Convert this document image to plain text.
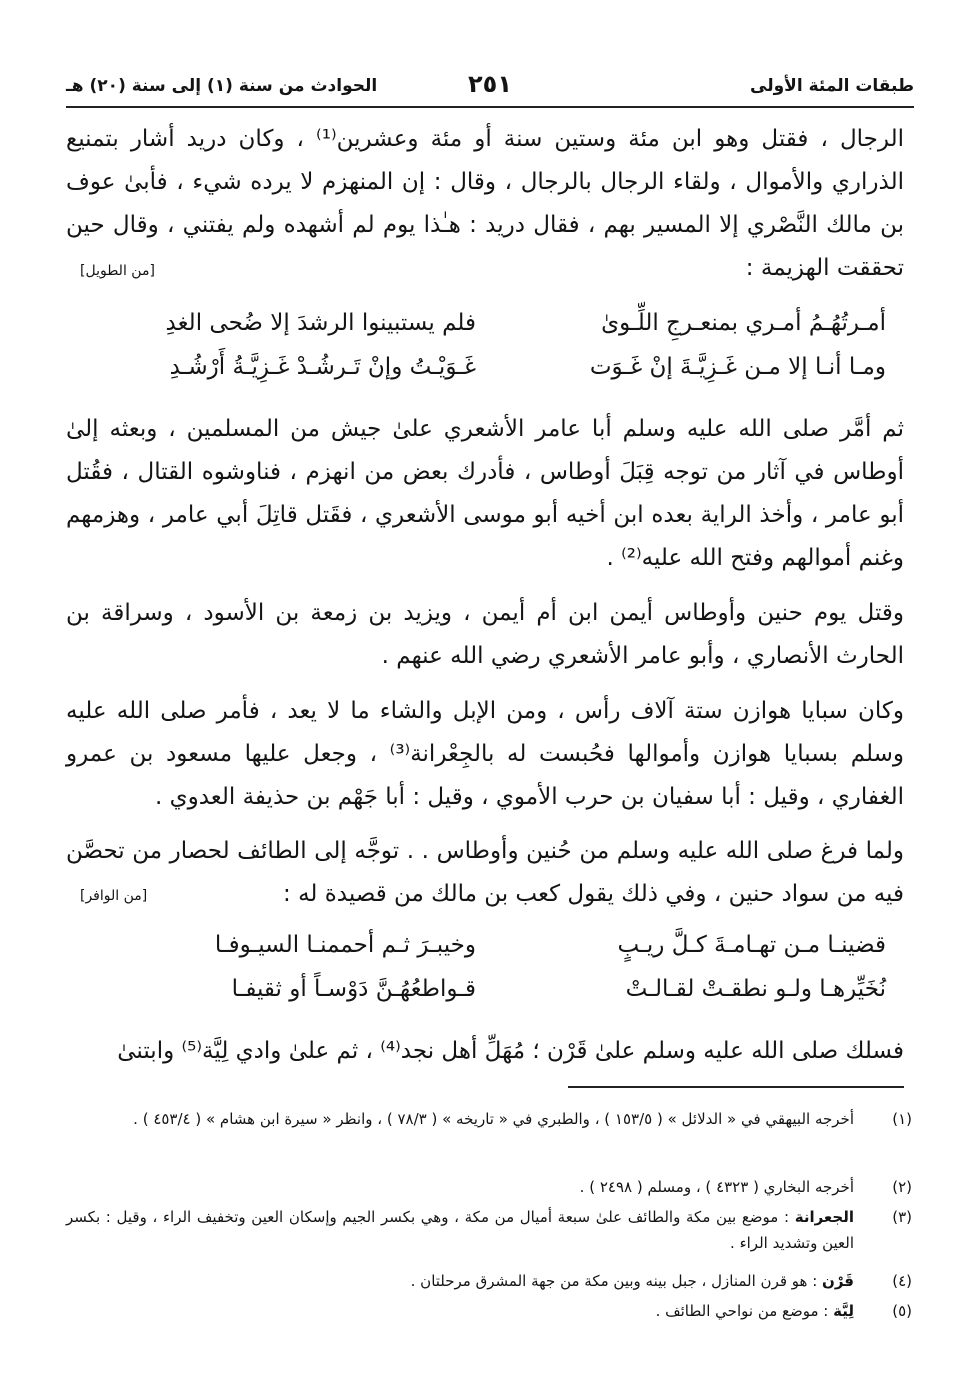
طبقات المئة الأولى
٢٥١
الحوادث من سنة (١) إلى سنة (٢٠) هـ

الرجال ، فقتل وهو ابن مئة وستين سنة أو مئة وعشرين⁽¹⁾ ، وكان دريد أشار بتمنيع الذراري والأموال ، ولقاء الرجال بالرجال ، وقال : إن المنهزم لا يرده شيء ، فأبىٰ عوف بن مالك النَّصْري إلا المسير بهم ، فقال دريد : هـٰذا يوم لم أشهده ولم يفتني ، وقال حين تحققت الهزيمة :

[من الطويل]
أمـرتُهُـمُ أمـري بمنعـرجِ اللِّـوىٰ
فلم يستبينوا الرشدَ إلا ضُحى الغدِ
ومـا أنـا إلا مـن غَـزِيَّـةَ إنْ غَـوَت
غَـوَيْـتُ وإنْ تَـرشُـدْ غَـزِيَّـةُ أَرْشُـدِ

ثم أمَّر صلى الله عليه وسلم أبا عامر الأشعري علىٰ جيش من المسلمين ، وبعثه إلىٰ أوطاس في آثار من توجه قِبَلَ أوطاس ، فأدرك بعض من انهزم ، فناوشوه القتال ، فقُتل أبو عامر ، وأخذ الراية بعده ابن أخيه أبو موسى الأشعري ، فقَتل قاتِلَ أبي عامر ، وهزمهم وغنم أموالهم وفتح الله عليه⁽²⁾ .

وقتل يوم حنين وأوطاس أيمن ابن أم أيمن ، ويزيد بن زمعة بن الأسود ، وسراقة بن الحارث الأنصاري ، وأبو عامر الأشعري رضي الله عنهم .

وكان سبايا هوازن ستة آلاف رأس ، ومن الإبل والشاء ما لا يعد ، فأمر صلى الله عليه وسلم بسبايا هوازن وأموالها فحُبست له بالجِعْرانة⁽³⁾ ، وجعل عليها مسعود بن عمرو الغفاري ، وقيل : أبا سفيان بن حرب الأموي ، وقيل : أبا جَهْم بن حذيفة العدوي .

ولما فرغ صلى الله عليه وسلم من حُنين وأوطاس . . توجَّه إلى الطائف لحصار من تحصَّن فيه من سواد حنين ، وفي ذلك يقول كعب بن مالك من قصيدة له :

[من الوافر]
قضينـا مـن تهـامـةَ كـلَّ ريـبٍ
وخيبـرَ ثـم أحممنـا السيـوفـا
نُخَيِّرهـا ولـو نطقـتْ لقـالـتْ
قـواطعُهُـنَّ دَوْسـاً أو ثقيفـا

فسلك صلى الله عليه وسلم علىٰ قَرْن ؛ مُهَلِّ أهل نجد⁽⁴⁾ ، ثم علىٰ وادي لِيَّة⁽⁵⁾ وابتنىٰ

(١)
أخرجه البيهقي في « الدلائل » ( ١٥٣/٥ ) ، والطبري في « تاريخه » ( ٧٨/٣ ) ، وانظر « سيرة ابن هشام » ( ٤٥٣/٤ ) .
(٢)
أخرجه البخاري ( ٤٣٢٣ ) ، ومسلم ( ٢٤٩٨ ) .
(٣)
الجعرانة : موضع بين مكة والطائف علىٰ سبعة أميال من مكة ، وهي بكسر الجيم وإسكان العين وتخفيف الراء ، وقيل : بكسر العين وتشديد الراء .
(٤)
قَرْن : هو قرن المنازل ، جبل بينه وبين مكة من جهة المشرق مرحلتان .
(٥)
لِيَّة : موضع من نواحي الطائف .
